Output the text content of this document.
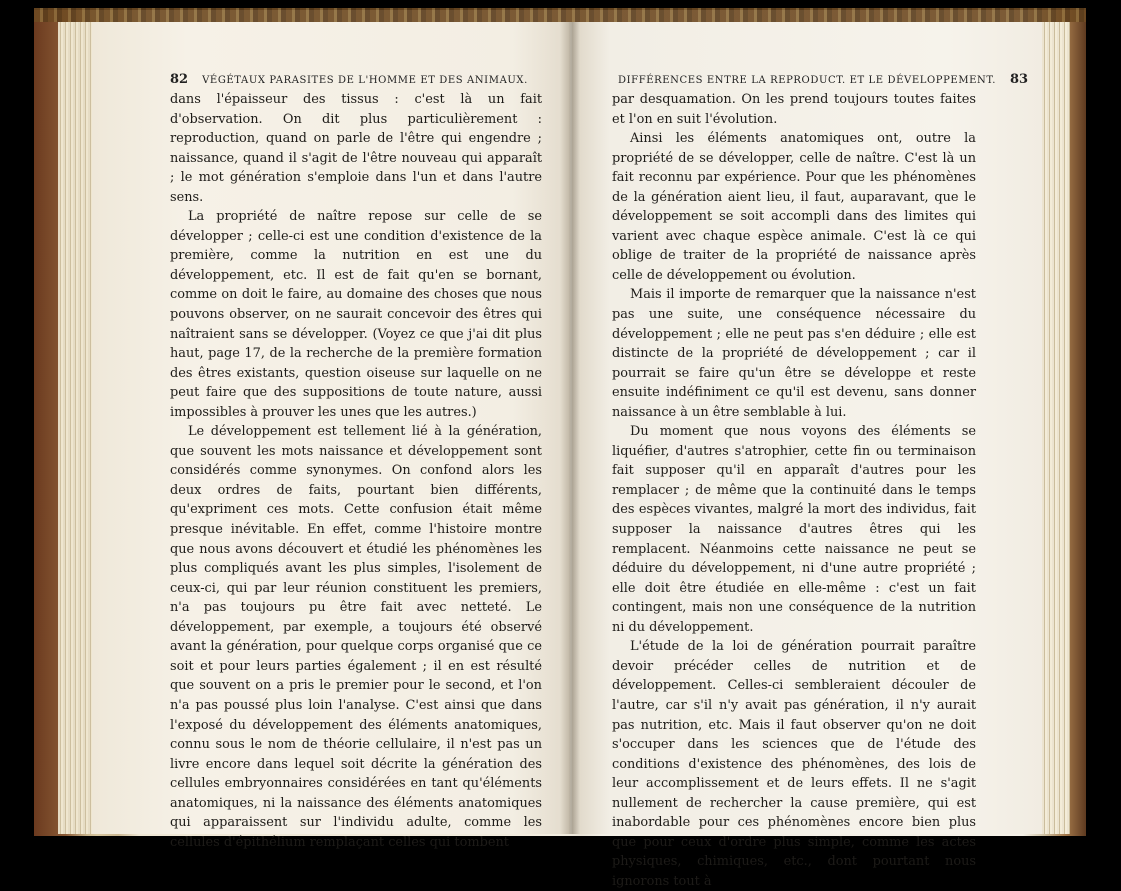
82 VÉGÉTAUX PARASITES DE L'HOMME ET DES ANIMAUX.	DIFFÉRENCES ENTRE LA REPRODUCT. ET LE DÉVELOPPEMENT. 83

dans l'épaisseur des tissus : c'est là un fait d'observation. On dit plus particulièrement : reproduction, quand on parle de l'être qui engendre ; naissance, quand il s'agit de l'être nouveau qui apparaît ; le mot génération s'emploie dans l'un et dans l'autre sens.

La propriété de naître repose sur celle de se développer ; celle-ci est une condition d'existence de la première, comme la nutrition en est une du développement, etc. Il est de fait qu'en se bornant, comme on doit le faire, au domaine des choses que nous pouvons observer, on ne saurait concevoir des êtres qui naîtraient sans se développer. (Voyez ce que j'ai dit plus haut, page 17, de la recherche de la première formation des êtres existants, question oiseuse sur laquelle on ne peut faire que des suppositions de toute nature, aussi impossibles à prouver les unes que les autres.)

Le développement est tellement lié à la génération, que souvent les mots naissance et développement sont considérés comme synonymes. On confond alors les deux ordres de faits, pourtant bien différents, qu'expriment ces mots. Cette confusion était même presque inévitable. En effet, comme l'histoire montre que nous avons découvert et étudié les phénomènes les plus compliqués avant les plus simples, l'isolement de ceux-ci, qui par leur réunion constituent les premiers, n'a pas toujours pu être fait avec netteté. Le développement, par exemple, a toujours été observé avant la génération, pour quelque corps organisé que ce soit et pour leurs parties également ; il en est résulté que souvent on a pris le premier pour le second, et l'on n'a pas poussé plus loin l'analyse. C'est ainsi que dans l'exposé du développement des éléments anatomiques, connu sous le nom de théorie cellulaire, il n'est pas un livre encore dans lequel soit décrite la génération des cellules embryonnaires considérées en tant qu'éléments anatomiques, ni la naissance des éléments anatomiques qui apparaissent sur l'individu adulte, comme les cellules d'épithélium remplaçant celles qui tombent

par desquamation. On les prend toujours toutes faites et l'on en suit l'évolution.

Ainsi les éléments anatomiques ont, outre la propriété de se développer, celle de naître. C'est là un fait reconnu par expérience. Pour que les phénomènes de la génération aient lieu, il faut, auparavant, que le développement se soit accompli dans des limites qui varient avec chaque espèce animale. C'est là ce qui oblige de traiter de la propriété de naissance après celle de développement ou évolution.

Mais il importe de remarquer que la naissance n'est pas une suite, une conséquence nécessaire du développement ; elle ne peut pas s'en déduire ; elle est distincte de la propriété de développement ; car il pourrait se faire qu'un être se développe et reste ensuite indéfiniment ce qu'il est devenu, sans donner naissance à un être semblable à lui.

Du moment que nous voyons des éléments se liquéfier, d'autres s'atrophier, cette fin ou terminaison fait supposer qu'il en apparaît d'autres pour les remplacer ; de même que la continuité dans le temps des espèces vivantes, malgré la mort des individus, fait supposer la naissance d'autres êtres qui les remplacent. Néanmoins cette naissance ne peut se déduire du développement, ni d'une autre propriété ; elle doit être étudiée en elle-même : c'est un fait contingent, mais non une conséquence de la nutrition ni du développement.

L'étude de la loi de génération pourrait paraître devoir précéder celles de nutrition et de développement. Celles-ci sembleraient découler de l'autre, car s'il n'y avait pas génération, il n'y aurait pas nutrition, etc. Mais il faut observer qu'on ne doit s'occuper dans les sciences que de l'étude des conditions d'existence des phénomènes, des lois de leur accomplissement et de leurs effets. Il ne s'agit nullement de rechercher la cause première, qui est inabordable pour ces phénomènes encore bien plus que pour ceux d'ordre plus simple, comme les actes physiques, chimiques, etc., dont pourtant nous ignorons tout à
